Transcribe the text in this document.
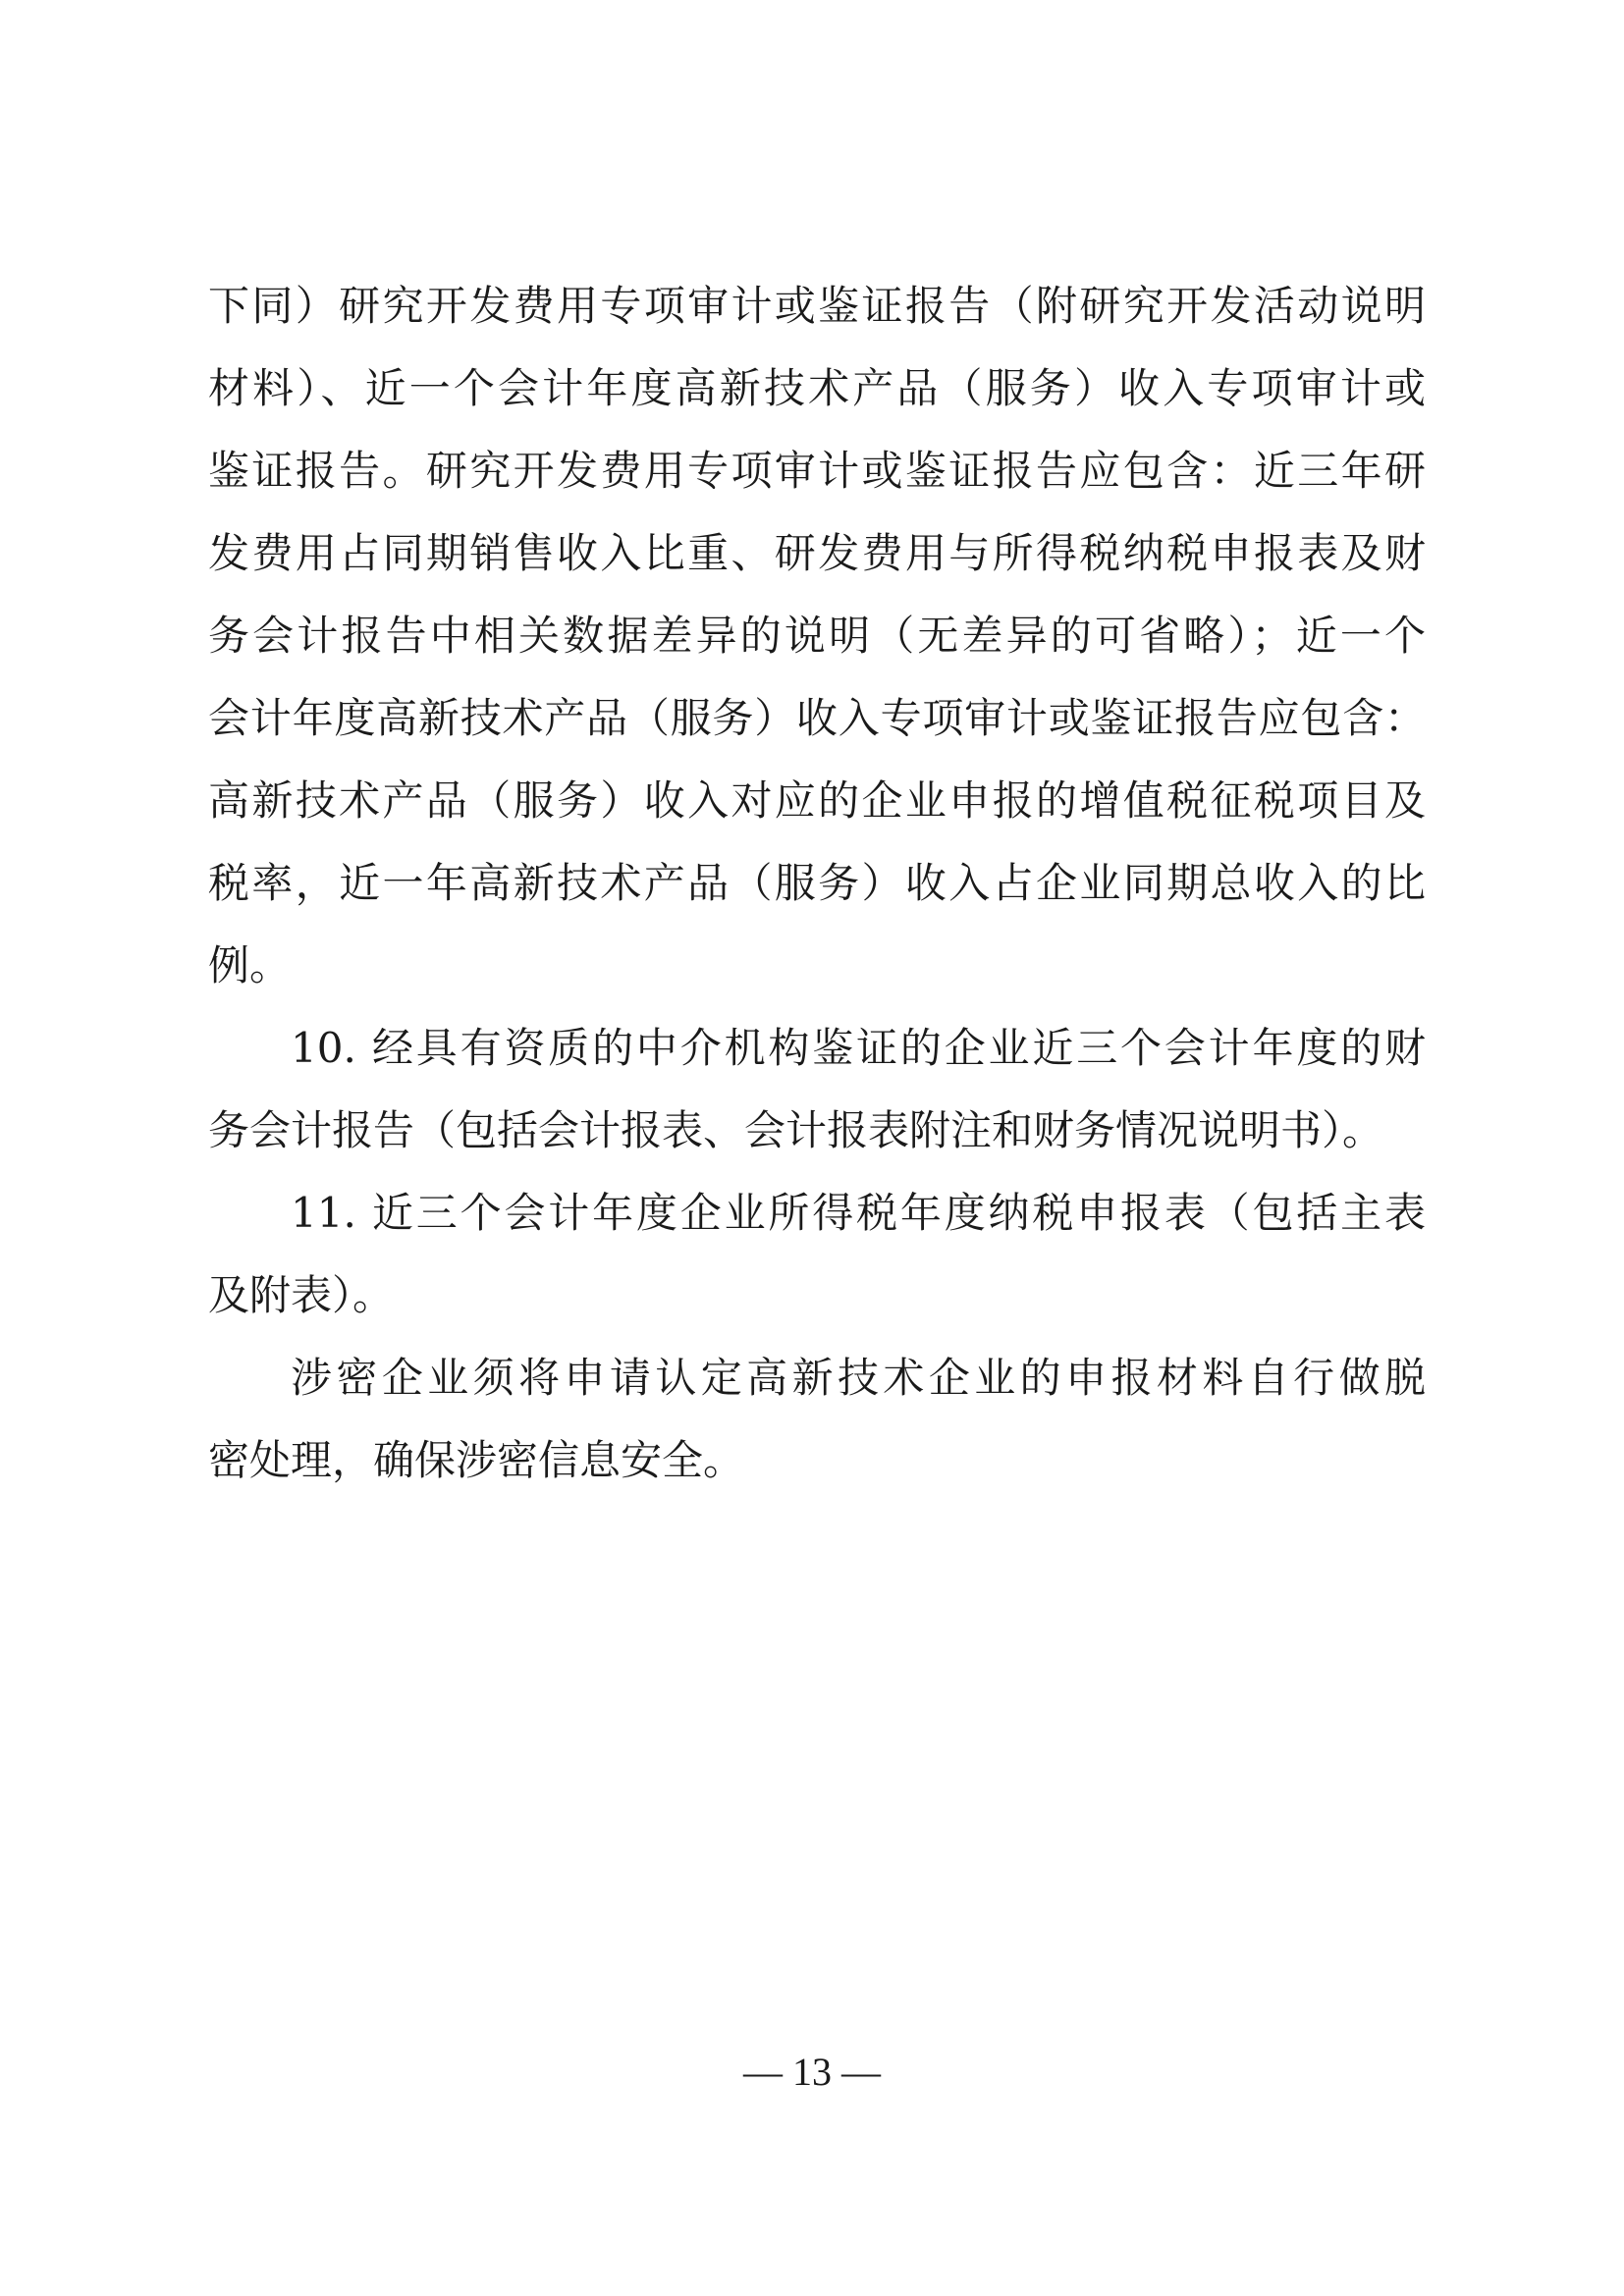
下同）研究开发费用专项审计或鉴证报告（附研究开发活动说明
材料）、近一个会计年度高新技术产品（服务）收入专项审计或
鉴证报告。研究开发费用专项审计或鉴证报告应包含：近三年研
发费用占同期销售收入比重、研发费用与所得税纳税申报表及财
务会计报告中相关数据差异的说明（无差异的可省略）；近一个
会计年度高新技术产品（服务）收入专项审计或鉴证报告应包含：
高新技术产品（服务）收入对应的企业申报的增值税征税项目及
税率，近一年高新技术产品（服务）收入占企业同期总收入的比
例。
10. 经具有资质的中介机构鉴证的企业近三个会计年度的财
务会计报告（包括会计报表、会计报表附注和财务情况说明书）。
11. 近三个会计年度企业所得税年度纳税申报表（包括主表
及附表）。
涉密企业须将申请认定高新技术企业的申报材料自行做脱
密处理，确保涉密信息安全。
— 13 —
